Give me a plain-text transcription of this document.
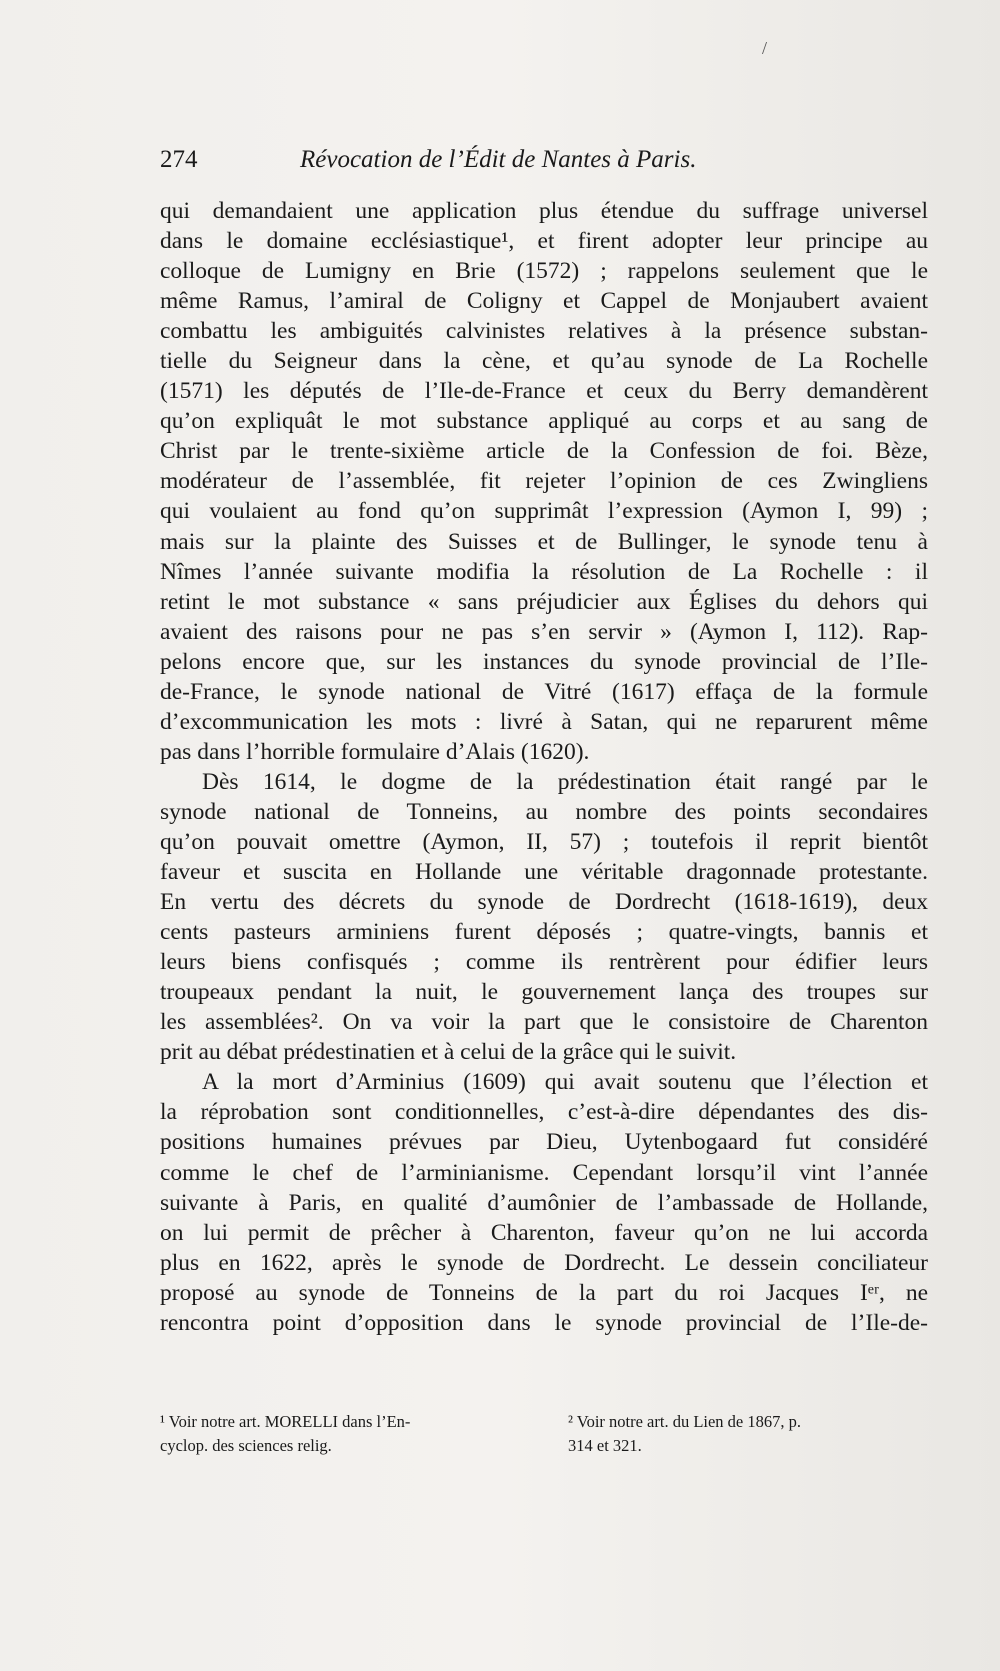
/
274	Révocation de l’Édit de Nantes à Paris.
qui demandaient une application plus étendue du suffrage universel
dans le domaine ecclésiastique¹, et firent adopter leur principe au
colloque de Lumigny en Brie (1572) ; rappelons seulement que le
même Ramus, l’amiral de Coligny et Cappel de Monjaubert avaient
combattu les ambiguités calvinistes relatives à la présence substan-
tielle du Seigneur dans la cène, et qu’au synode de La Rochelle
(1571) les députés de l’Ile-de-France et ceux du Berry demandèrent
qu’on expliquât le mot substance appliqué au corps et au sang de
Christ par le trente-sixième article de la Confession de foi. Bèze,
modérateur de l’assemblée, fit rejeter l’opinion de ces Zwingliens
qui voulaient au fond qu’on supprimât l’expression (Aymon I, 99) ;
mais sur la plainte des Suisses et de Bullinger, le synode tenu à
Nîmes l’année suivante modifia la résolution de La Rochelle : il
retint le mot substance « sans préjudicier aux Églises du dehors qui
avaient des raisons pour ne pas s’en servir » (Aymon I, 112). Rap-
pelons encore que, sur les instances du synode provincial de l’Ile-
de-France, le synode national de Vitré (1617) effaça de la formule
d’excommunication les mots : livré à Satan, qui ne reparurent même
pas dans l’horrible formulaire d’Alais (1620).
Dès 1614, le dogme de la prédestination était rangé par le
synode national de Tonneins, au nombre des points secondaires
qu’on pouvait omettre (Aymon, II, 57) ; toutefois il reprit bientôt
faveur et suscita en Hollande une véritable dragonnade protestante.
En vertu des décrets du synode de Dordrecht (1618-1619), deux
cents pasteurs arminiens furent déposés ; quatre-vingts, bannis et
leurs biens confisqués ; comme ils rentrèrent pour édifier leurs
troupeaux pendant la nuit, le gouvernement lança des troupes sur
les assemblées². On va voir la part que le consistoire de Charenton
prit au débat prédestinatien et à celui de la grâce qui le suivit.
A la mort d’Arminius (1609) qui avait soutenu que l’élection et
la réprobation sont conditionnelles, c’est-à-dire dépendantes des dis-
positions humaines prévues par Dieu, Uytenbogaard fut considéré
comme le chef de l’arminianisme. Cependant lorsqu’il vint l’année
suivante à Paris, en qualité d’aumônier de l’ambassade de Hollande,
on lui permit de prêcher à Charenton, faveur qu’on ne lui accorda
plus en 1622, après le synode de Dordrecht. Le dessein conciliateur
proposé au synode de Tonneins de la part du roi Jacques Iᵉʳ, ne
rencontra point d’opposition dans le synode provincial de l’Ile-de-
¹ Voir notre art. MORELLI dans l’En-
cyclop. des sciences relig.
² Voir notre art. du Lien de 1867, p.
314 et 321.
